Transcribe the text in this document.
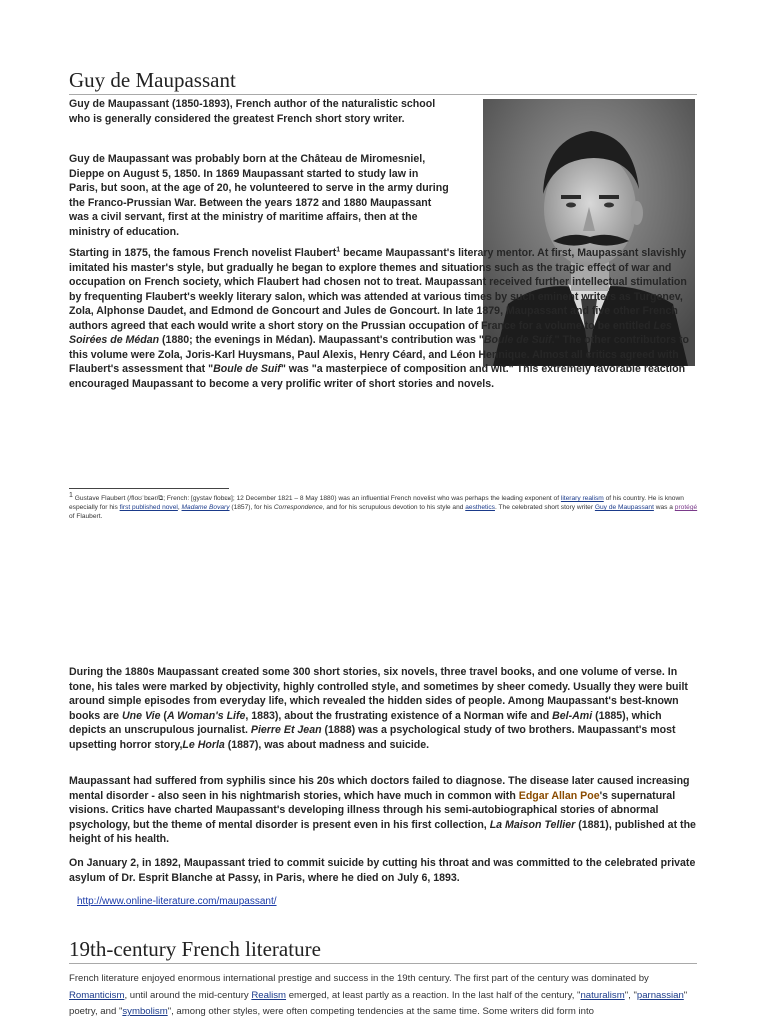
Guy de Maupassant

Guy de Maupassant (1850-1893), French author of the naturalistic school who is generally considered the greatest French short story writer.

Guy de Maupassant was probably born at the Château de Miromesniel, Dieppe on August 5, 1850. In 1869 Maupassant started to study law in Paris, but soon, at the age of 20, he volunteered to serve in the army during the Franco-Prussian War. Between the years 1872 and 1880 Maupassant was a civil servant, first at the ministry of maritime affairs, then at the ministry of education.

Starting in 1875, the famous French novelist Flaubert$^1$ became Maupassant's literary mentor. At first, Maupassant slavishly imitated his master's style, but gradually he began to explore themes and situations such as the tragic effect of war and occupation on French society, which Flaubert had chosen not to treat. Maupassant received further intellectual stimulation by frequenting Flaubert's weekly literary salon, which was attended at various times by such eminent writers as Turgenev, Zola, Alphonse Daudet, and Edmond de Goncourt and Jules de Goncourt. In late 1879, Maupassant and five other French authors agreed that each would write a short story on the Prussian occupation of France for a volume to be entitled Les Soirées de Médan (1880; the evenings in Médan). Maupassant's contribution was "Boule de Suif." The other contributors to this volume were Zola, Joris-Karl Huysmans, Paul Alexis, Henry Céard, and Léon Hennique. Almost all critics agreed with Flaubert's assessment that "Boule de Suif" was "a masterpiece of composition and wit." This extremely favorable reaction encouraged Maupassant to become a very prolific writer of short stories and novels.

$^1$ Gustave Flaubert (/floʊˈbɛər/⧉; French: [ɡystav flobɛʁ]; 12 December 1821 – 8 May 1880) was an influential French novelist who was perhaps the leading exponent of literary realism of his country. He is known especially for his first published novel, Madame Bovary (1857), for his Correspondence, and for his scrupulous devotion to his style and aesthetics. The celebrated short story writer Guy de Maupassant was a protégé of Flaubert.

During the 1880s Maupassant created some 300 short stories, six novels, three travel books, and one volume of verse. In tone, his tales were marked by objectivity, highly controlled style, and sometimes by sheer comedy. Usually they were built around simple episodes from everyday life, which revealed the hidden sides of people. Among Maupassant's best-known books are Une Vie (A Woman's Life, 1883), about the frustrating existence of a Norman wife and Bel-Ami (1885), which depicts an unscrupulous journalist. Pierre Et Jean (1888) was a psychological study of two brothers. Maupassant's most upsetting horror story,Le Horla (1887), was about madness and suicide.

Maupassant had suffered from syphilis since his 20s which doctors failed to diagnose. The disease later caused increasing mental disorder - also seen in his nightmarish stories, which have much in common with Edgar Allan Poe's supernatural visions. Critics have charted Maupassant's developing illness through his semi-autobiographical stories of abnormal psychology, but the theme of mental disorder is present even in his first collection, La Maison Tellier (1881), published at the height of his health.

On January 2, in 1892, Maupassant tried to commit suicide by cutting his throat and was committed to the celebrated private asylum of Dr. Esprit Blanche at Passy, in Paris, where he died on July 6, 1893.

http://www.online-literature.com/maupassant/
19th-century French literature
French literature enjoyed enormous international prestige and success in the 19th century. The first part of the century was dominated by Romanticism, until around the mid-century Realism emerged, at least partly as a reaction. In the last half of the century, "naturalism", "parnassian" poetry, and "symbolism", among other styles, were often competing tendencies at the same time. Some writers did form into
